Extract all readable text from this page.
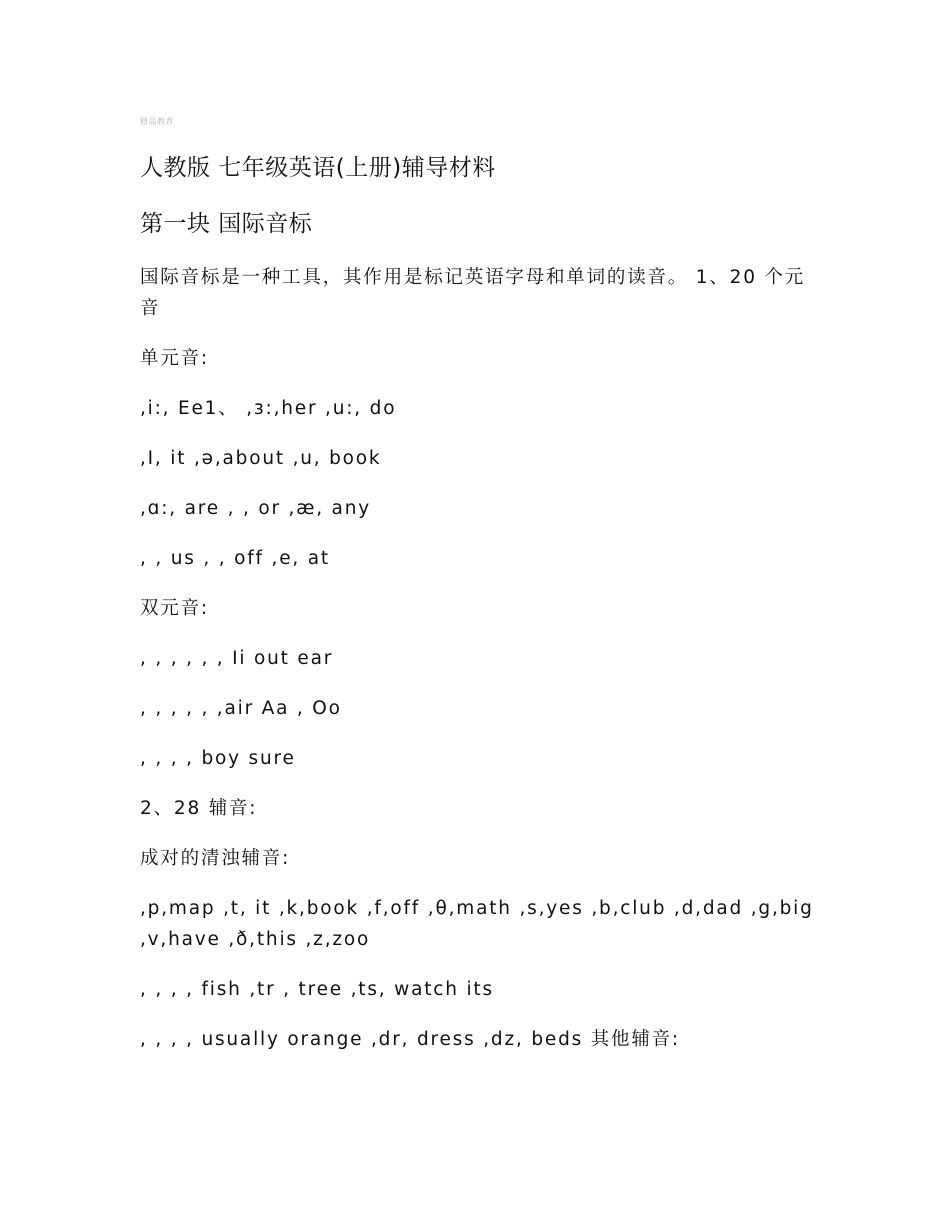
精品教育
人教版 七年级英语(上册)辅导材料
第一块 国际音标

国际音标是一种工具，其作用是标记英语字母和单词的读音。 1、20 个元音

单元音:

,i:, Ee1、 ,ɜ:,her ,u:, do

,I, it ,ə,about ,u, book

,ɑ:, are , , or ,æ, any

, , us , , off ,e, at

双元音:

, , , , , , Ii out ear

, , , , , ,air Aa , Oo

, , , , boy sure

2、28 辅音:

成对的清浊辅音:

,p,map ,t, it ,k,book ,f,off ,θ,math ,s,yes ,b,club ,d,dad ,g,big ,v,have ,ð,this ,z,zoo

, , , , fish ,tr , tree ,ts, watch its

, , , , usually orange ,dr, dress ,dz, beds 其他辅音:
